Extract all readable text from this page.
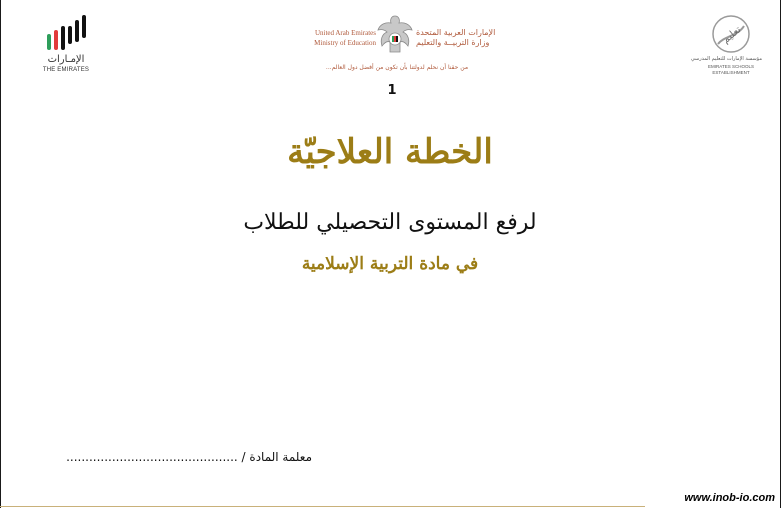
الإمـارات
THE EMIRATES
United Arab Emirates
Ministry of Education
الإمارات العربية المتحدة
وزارة التربيــة والتعليم
من حقنا أن نحلم لدولتنا بأن تكون من أفضل دول العالم...
تعليم
مؤسسة الإمارات للتعليم المدرسي
EMIRATES SCHOOLS
ESTABLISHMENT
1
الخطة العلاجيّة
لرفع المستوى التحصيلي للطلاب
في مادة التربية الإسلامية
معلمة المادة / .............................................
www.inob-io.com
